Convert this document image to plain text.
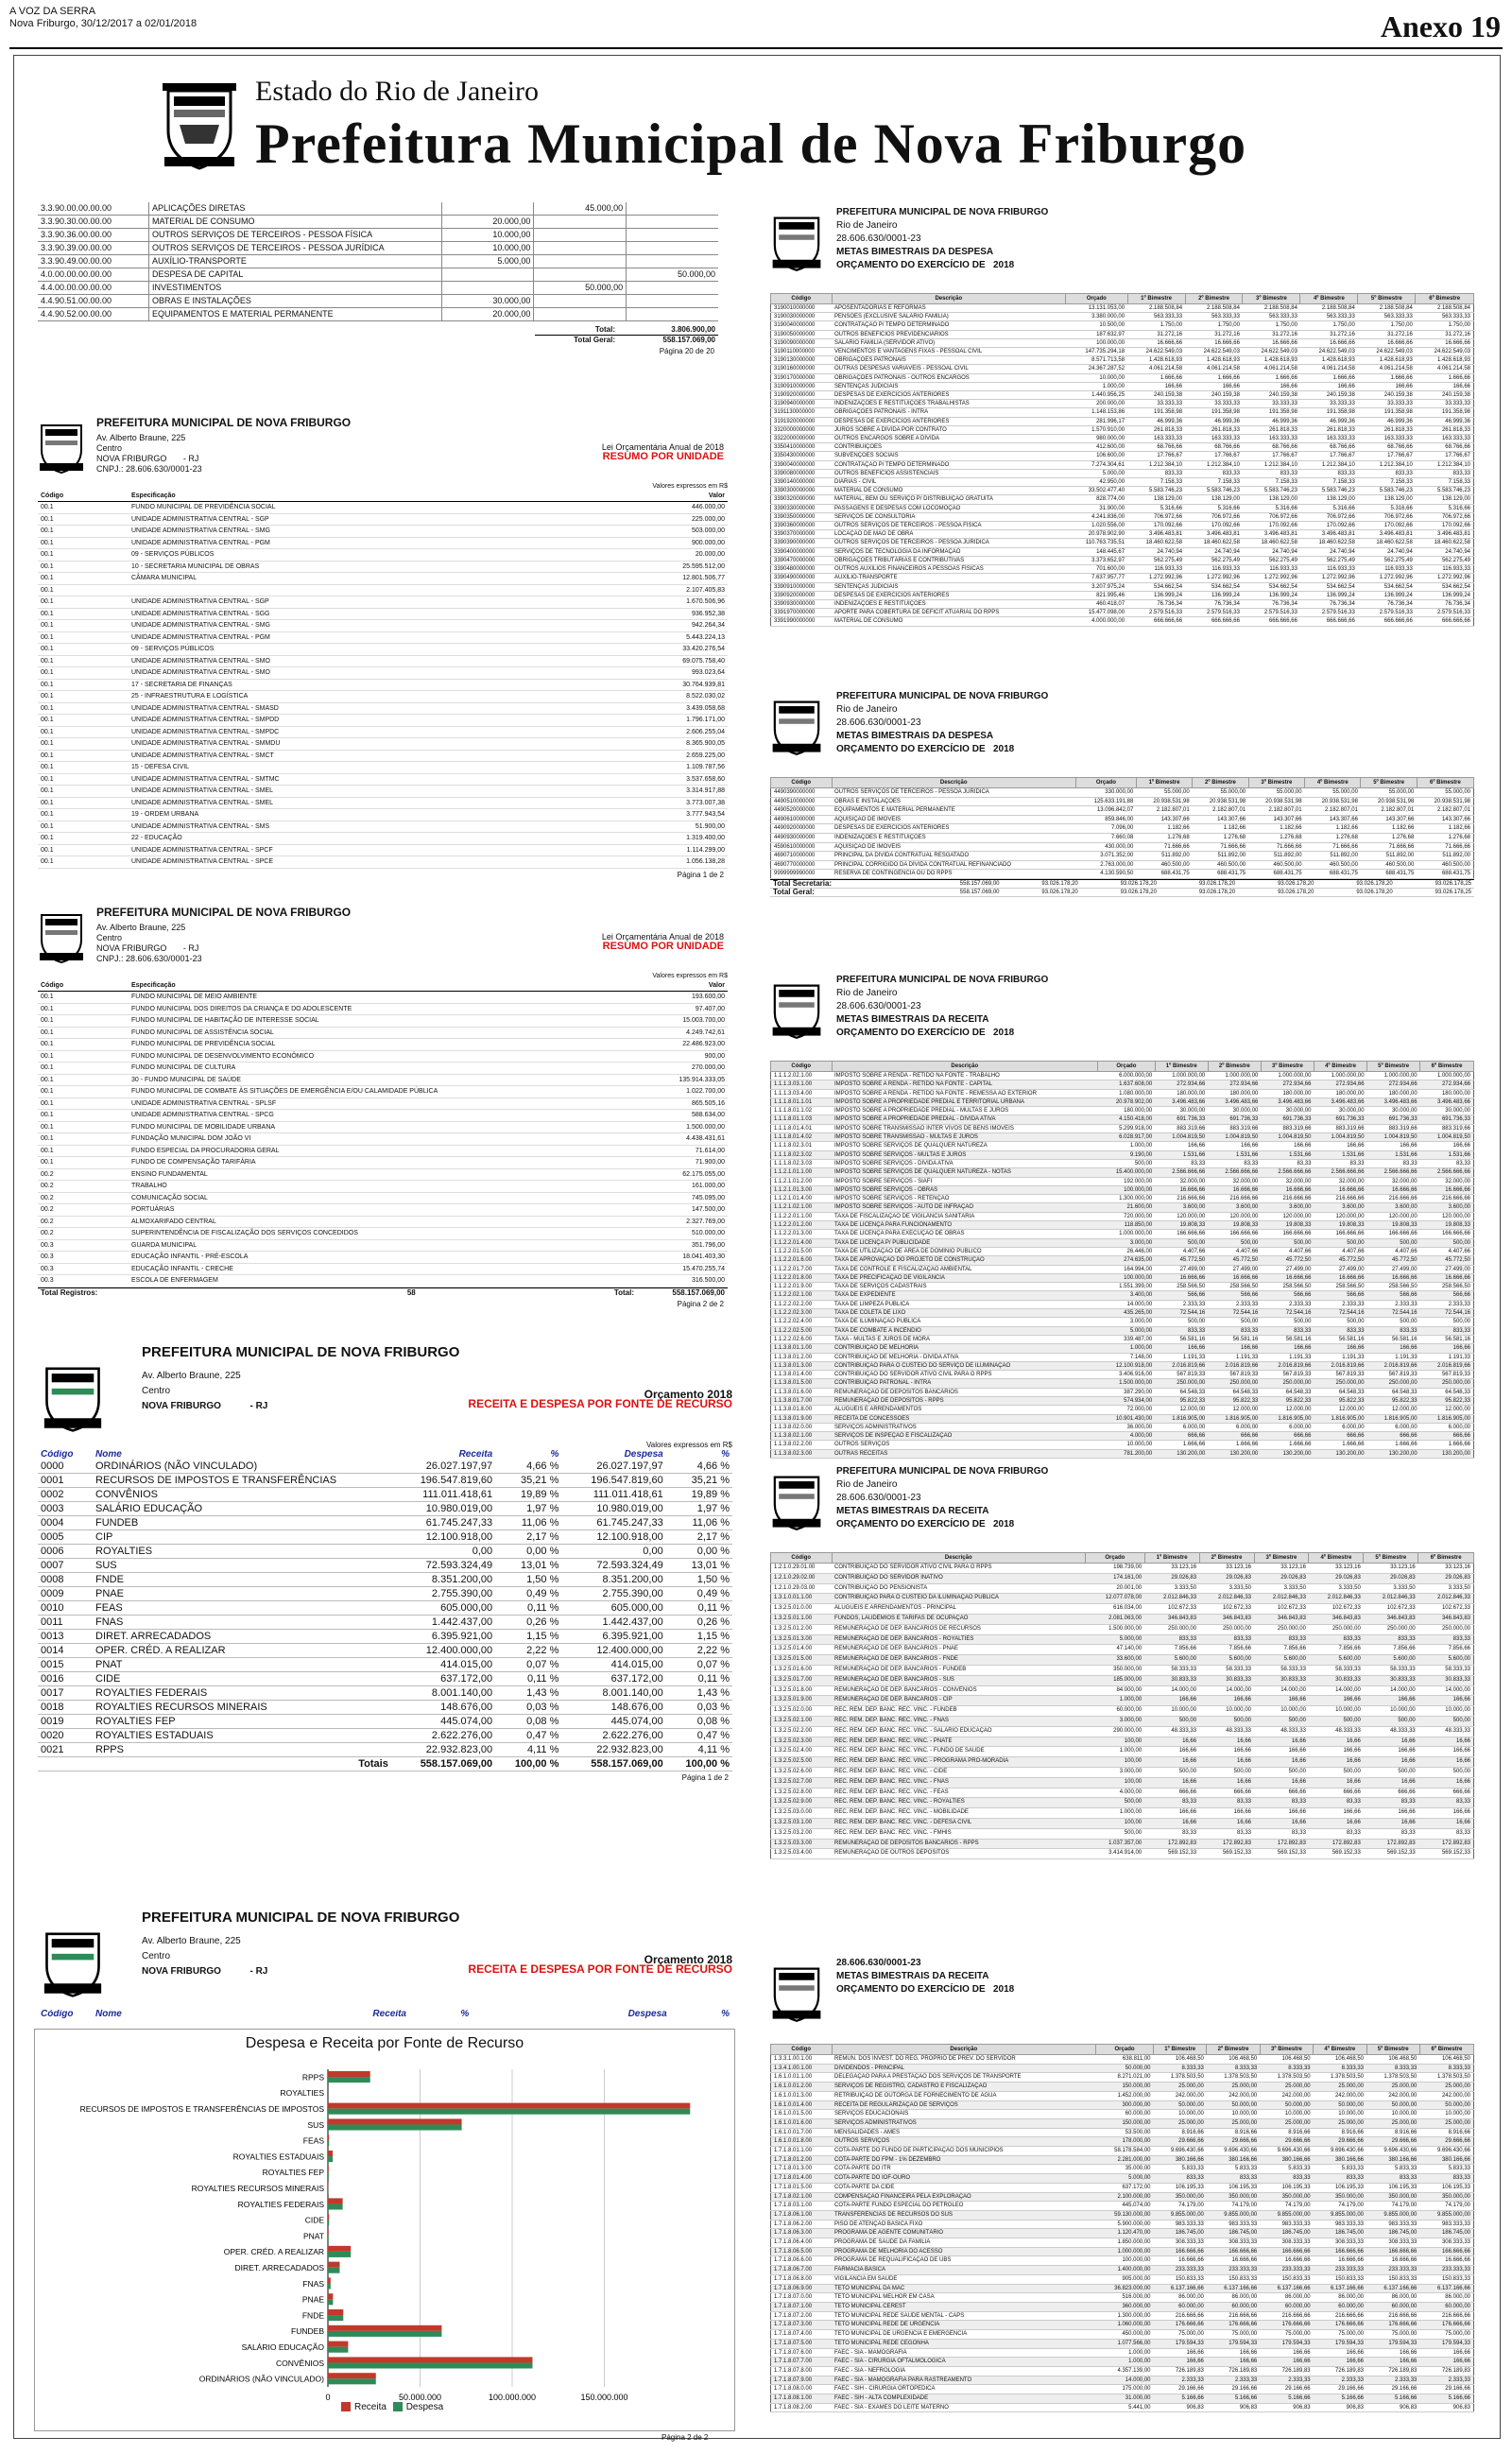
A VOZ DA SERRA
Nova Friburgo, 30/12/2017 a 02/01/2018	Anexo 19
Estado do Rio de Janeiro
Prefeitura Municipal de Nova Friburgo
3.3.90.00.00.00.00	APLICAÇÕES DIRETAS		45.000,00	
3.3.90.30.00.00.00	MATERIAL DE CONSUMO	20.000,00		
3.3.90.36.00.00.00	OUTROS SERVIÇOS DE TERCEIROS - PESSOA FÍSICA	10.000,00		
3.3.90.39.00.00.00	OUTROS SERVIÇOS DE TERCEIROS - PESSOA JURÍDICA	10.000,00		
3.3.90.49.00.00.00	AUXÍLIO-TRANSPORTE	5.000,00		
4.0.00.00.00.00.00	DESPESA DE CAPITAL			50.000,00
4.4.00.00.00.00.00	INVESTIMENTOS		50.000,00	
4.4.90.51.00.00.00	OBRAS E INSTALAÇÕES	30.000,00		
4.4.90.52.00.00.00	EQUIPAMENTOS E MATERIAL PERMANENTE	20.000,00		
	Total:	3.806.900,00
	Total Geral:	558.157.069,00
Página 20 de 20
PREFEITURA MUNICIPAL DE NOVA FRIBURGO
Av. Alberto Braune, 225
Centro
NOVA FRIBURGO       - RJ
CNPJ.: 28.606.630/0001-23
Lei Orçamentária Anual de 2018
RESUMO POR UNIDADE
Valores expressos em R$
Código	Especificação	Valor
00.1	FUNDO MUNICIPAL DE PREVIDÊNCIA SOCIAL	446.000,00
00.1	UNIDADE ADMINISTRATIVA CENTRAL - SGP	225.000,00
00.1	UNIDADE ADMINISTRATIVA CENTRAL - SMG	503.000,00
00.1	UNIDADE ADMINISTRATIVA CENTRAL - PGM	900.000,00
00.1	09 - SERVIÇOS PÚBLICOS	20.000,00
00.1	10 - SECRETARIA MUNICIPAL DE OBRAS	25.595.512,00
00.1	CÂMARA MUNICIPAL	12.801.506,77
00.1		2.107.405,83
00.1	UNIDADE ADMINISTRATIVA CENTRAL - SGP	1.670.506,96
00.1	UNIDADE ADMINISTRATIVA CENTRAL - SGG	936.952,38
00.1	UNIDADE ADMINISTRATIVA CENTRAL - SMG	942.264,34
00.1	UNIDADE ADMINISTRATIVA CENTRAL - PGM	5.443.224,13
00.1	09 - SERVIÇOS PÚBLICOS	33.420.276,54
00.1	UNIDADE ADMINISTRATIVA CENTRAL - SMO	69.075.758,40
00.1	UNIDADE ADMINISTRATIVA CENTRAL - SMO	993.023,64
00.1	17 - SECRETARIA DE FINANÇAS	30.764.939,81
00.1	25 - INFRAESTRUTURA E LOGÍSTICA	8.522.030,02
00.1	UNIDADE ADMINISTRATIVA CENTRAL - SMASD	3.439.058,68
00.1	UNIDADE ADMINISTRATIVA CENTRAL - SMPDD	1.796.171,00
00.1	UNIDADE ADMINISTRATIVA CENTRAL - SMPDC	2.606.255,04
00.1	UNIDADE ADMINISTRATIVA CENTRAL - SMMDU	8.365.900,05
00.1	UNIDADE ADMINISTRATIVA CENTRAL - SMCT	2.659.225,00
00.1	15 - DEFESA CIVIL	1.109.787,56
00.1	UNIDADE ADMINISTRATIVA CENTRAL - SMTMC	3.537.658,60
00.1	UNIDADE ADMINISTRATIVA CENTRAL - SMEL	3.314.917,88
00.1	UNIDADE ADMINISTRATIVA CENTRAL - SMEL	3.773.007,38
00.1	19 - ORDEM URBANA	3.777.943,54
00.1	UNIDADE ADMINISTRATIVA CENTRAL - SMS	51.900,00
00.1	22 - EDUCAÇÃO	1.319.400,00
00.1	UNIDADE ADMINISTRATIVA CENTRAL - SPCF	1.114.299,00
00.1	UNIDADE ADMINISTRATIVA CENTRAL - SPCE	1.056.138,28
Página 1 de 2
PREFEITURA MUNICIPAL DE NOVA FRIBURGO
Av. Alberto Braune, 225
Centro
NOVA FRIBURGO       - RJ
CNPJ.: 28.606.630/0001-23
Lei Orçamentária Anual de 2018
RESUMO POR UNIDADE
Valores expressos em R$
Código	Especificação	Valor
00.1	FUNDO MUNICIPAL DE MEIO AMBIENTE	193.600,00
00.1	FUNDO MUNICIPAL DOS DIREITOS DA CRIANÇA E DO ADOLESCENTE	97.407,00
00.1	FUNDO MUNICIPAL DE HABITAÇÃO DE INTERESSE SOCIAL	15.003.700,00
00.1	FUNDO MUNICIPAL DE ASSISTÊNCIA SOCIAL	4.249.742,61
00.1	FUNDO MUNICIPAL DE PREVIDÊNCIA SOCIAL	22.486.923,00
00.1	FUNDO MUNICIPAL DE DESENVOLVIMENTO ECONÔMICO	900,00
00.1	FUNDO MUNICIPAL DE CULTURA	270.000,00
00.1	30 - FUNDO MUNICIPAL DE SAÚDE	135.914.333,05
00.1	FUNDO MUNICIPAL DE COMBATE ÀS SITUAÇÕES DE EMERGÊNCIA E/OU CALAMIDADE PÚBLICA	1.022.700,00
00.1	UNIDADE ADMINISTRATIVA CENTRAL - SPLSF	865.505,16
00.1	UNIDADE ADMINISTRATIVA CENTRAL - SPCG	588.634,00
00.1	FUNDO MUNICIPAL DE MOBILIDADE URBANA	1.500.000,00
00.1	FUNDAÇÃO MUNICIPAL DOM JOÃO VI	4.438.431,61
00.1	FUNDO ESPECIAL DA PROCURADORIA GERAL	71.614,00
00.1	FUNDO DE COMPENSAÇÃO TARIFÁRIA	71.900,00
00.2	ENSINO FUNDAMENTAL	62.175.055,00
00.2	TRABALHO	161.000,00
00.2	COMUNICAÇÃO SOCIAL	745.095,00
00.2	PORTUÁRIAS	147.500,00
00.2	ALMOXARIFADO CENTRAL	2.327.769,00
00.2	SUPERINTENDÊNCIA DE FISCALIZAÇÃO DOS SERVIÇOS CONCEDIDOS	510.000,00
00.3	GUARDA MUNICIPAL	351.796,00
00.3	EDUCAÇÃO INFANTIL - PRÉ-ESCOLA	18.041.403,30
00.3	EDUCAÇÃO INFANTIL - CRECHE	15.470.255,74
00.3	ESCOLA DE ENFERMAGEM	316.500,00
Total Registros:	58	Total:	558.157.069,00
Página 2 de 2
PREFEITURA MUNICIPAL DE NOVA FRIBURGO
Av. Alberto Braune, 225
Centro
NOVA FRIBURGO           - RJ
Orçamento 2018
RECEITA E DESPESA POR FONTE DE RECURSO
Valores expressos em R$
Código	Nome	Receita	%	Despesa	%
0000	ORDINÁRIOS (NÃO VINCULADO)	26.027.197,97	4,66 %	26.027.197,97	4,66 %
0001	RECURSOS DE IMPOSTOS E TRANSFERÊNCIAS	196.547.819,60	35,21 %	196.547.819,60	35,21 %
0002	CONVÊNIOS	111.011.418,61	19,89 %	111.011.418,61	19,89 %
0003	SALÁRIO EDUCAÇÃO	10.980.019,00	1,97 %	10.980.019,00	1,97 %
0004	FUNDEB	61.745.247,33	11,06 %	61.745.247,33	11,06 %
0005	CIP	12.100.918,00	2,17 %	12.100.918,00	2,17 %
0006	ROYALTIES	0,00	0,00 %	0,00	0,00 %
0007	SUS	72.593.324,49	13,01 %	72.593.324,49	13,01 %
0008	FNDE	8.351.200,00	1,50 %	8.351.200,00	1,50 %
0009	PNAE	2.755.390,00	0,49 %	2.755.390,00	0,49 %
0010	FEAS	605.000,00	0,11 %	605.000,00	0,11 %
0011	FNAS	1.442.437,00	0,26 %	1.442.437,00	0,26 %
0013	DIRET. ARRECADADOS	6.395.921,00	1,15 %	6.395.921,00	1,15 %
0014	OPER. CRÉD. A REALIZAR	12.400.000,00	2,22 %	12.400.000,00	2,22 %
0015	PNAT	414.015,00	0,07 %	414.015,00	0,07 %
0016	CIDE	637.172,00	0,11 %	637.172,00	0,11 %
0017	ROYALTIES FEDERAIS	8.001.140,00	1,43 %	8.001.140,00	1,43 %
0018	ROYALTIES RECURSOS MINERAIS	148.676,00	0,03 %	148.676,00	0,03 %
0019	ROYALTIES FEP	445.074,00	0,08 %	445.074,00	0,08 %
0020	ROYALTIES ESTADUAIS	2.622.276,00	0,47 %	2.622.276,00	0,47 %
0021	RPPS	22.932.823,00	4,11 %	22.932.823,00	4,11 %
	Totais	558.157.069,00	100,00 %	558.157.069,00	100,00 %
Página 1 de 2
PREFEITURA MUNICIPAL DE NOVA FRIBURGO
Av. Alberto Braune, 225
Centro
NOVA FRIBURGO           - RJ
Orçamento 2018
RECEITA E DESPESA POR FONTE DE RECURSO
Código	Nome	Receita	%	Despesa	%
Despesa e Receita por Fonte de Recurso
0	50.000.000	100.000.000	150.000.000
RPPS
ROYALTIES
RECURSOS DE IMPOSTOS E TRANSFERÊNCIAS DE IMPOSTOS
SUS
FEAS
ROYALTIES ESTADUAIS
ROYALTIES FEP
ROYALTIES RECURSOS MINERAIS
ROYALTIES FEDERAIS
CIDE
PNAT
OPER. CRÉD. A REALIZAR
DIRET. ARRECADADOS
FNAS
PNAE
FNDE
FUNDEB
SALÁRIO EDUCAÇÃO
CONVÊNIOS
ORDINÁRIOS (NÃO VINCULADO)
Receita Despesa
Página 2 de 2
PREFEITURA MUNICIPAL DE NOVA FRIBURGO
Rio de Janeiro
28.606.630/0001-23
METAS BIMESTRAIS DA DESPESA
ORÇAMENTO DO EXERCÍCIO DE 2018
Código	Descrição	Orçado	1º Bimestre	2º Bimestre	3º Bimestre	4º Bimestre	5º Bimestre	6º Bimestre
3190010000000	APOSENTADORIAS E REFORMAS	13.131.053,00	2.188.508,84	2.188.508,84	2.188.508,84	2.188.508,84	2.188.508,84	2.188.508,84
3190030000000	PENSÕES (EXCLUSIVE SALÁRIO FAMÍLIA)	3.380.000,00	563.333,33	563.333,33	563.333,33	563.333,33	563.333,33	563.333,33
3190040000000	CONTRATAÇÃO P/ TEMPO DETERMINADO	10.500,00	1.750,00	1.750,00	1.750,00	1.750,00	1.750,00	1.750,00
3190050000000	OUTROS BENEFÍCIOS PREVIDENCIÁRIOS	187.632,97	31.272,16	31.272,16	31.272,16	31.272,16	31.272,16	31.272,16
3190090000000	SALÁRIO FAMÍLIA (SERVIDOR ATIVO)	100.000,00	16.666,66	16.666,66	16.666,66	16.666,66	16.666,66	16.666,66
3190110000000	VENCIMENTOS E VANTAGENS FIXAS - PESSOAL CIVIL	147.735.294,18	24.622.549,03	24.622.549,03	24.622.549,03	24.622.549,03	24.622.549,03	24.622.549,03
3190130000000	OBRIGAÇÕES PATRONAIS	8.571.713,58	1.428.618,93	1.428.618,93	1.428.618,93	1.428.618,93	1.428.618,93	1.428.618,93
3190160000000	OUTRAS DESPESAS VARIÁVEIS - PESSOAL CIVIL	24.367.287,52	4.061.214,58	4.061.214,58	4.061.214,58	4.061.214,58	4.061.214,58	4.061.214,58
3190170000000	OBRIGAÇÕES PATRONAIS - OUTROS ENCARGOS	10.000,00	1.666,66	1.666,66	1.666,66	1.666,66	1.666,66	1.666,66
3190910000000	SENTENÇAS JUDICIAIS	1.000,00	166,66	166,66	166,66	166,66	166,66	166,66
3190920000000	DESPESAS DE EXERCÍCIOS ANTERIORES	1.440.956,25	240.159,38	240.159,38	240.159,38	240.159,38	240.159,38	240.159,38
3190940000000	INDENIZAÇÕES E RESTITUIÇÕES TRABALHISTAS	200.000,00	33.333,33	33.333,33	33.333,33	33.333,33	33.333,33	33.333,33
3191130000000	OBRIGAÇÕES PATRONAIS - INTRA	1.148.153,86	191.358,98	191.358,98	191.358,98	191.358,98	191.358,98	191.358,98
3191920000000	DESPESAS DE EXERCÍCIOS ANTERIORES	281.996,17	46.999,36	46.999,36	46.999,36	46.999,36	46.999,36	46.999,36
3320000000000	JUROS SOBRE A DÍVIDA POR CONTRATO	1.570.910,00	261.818,33	261.818,33	261.818,33	261.818,33	261.818,33	261.818,33
3322000000000	OUTROS ENCARGOS SOBRE A DÍVIDA	980.000,00	163.333,33	163.333,33	163.333,33	163.333,33	163.333,33	163.333,33
3350410000000	CONTRIBUIÇÕES	412.600,00	68.766,66	68.766,66	68.766,66	68.766,66	68.766,66	68.766,66
3350430000000	SUBVENÇÕES SOCIAIS	106.600,00	17.766,67	17.766,67	17.766,67	17.766,67	17.766,67	17.766,67
3390040000000	CONTRATAÇÃO P/ TEMPO DETERMINADO	7.274.304,61	1.212.384,10	1.212.384,10	1.212.384,10	1.212.384,10	1.212.384,10	1.212.384,10
3390080000000	OUTROS BENEFÍCIOS ASSISTENCIAIS	5.000,00	833,33	833,33	833,33	833,33	833,33	833,33
3390140000000	DIÁRIAS - CIVIL	42.950,00	7.158,33	7.158,33	7.158,33	7.158,33	7.158,33	7.158,33
3390300000000	MATERIAL DE CONSUMO	33.502.477,40	5.583.746,23	5.583.746,23	5.583.746,23	5.583.746,23	5.583.746,23	5.583.746,23
3390320000000	MATERIAL, BEM OU SERVIÇO P/ DISTRIBUIÇÃO GRATUITA	828.774,00	138.129,00	138.129,00	138.129,00	138.129,00	138.129,00	138.129,00
3390330000000	PASSAGENS E DESPESAS COM LOCOMOÇÃO	31.900,00	5.316,66	5.316,66	5.316,66	5.316,66	5.316,66	5.316,66
3390350000000	SERVIÇOS DE CONSULTORIA	4.241.836,00	706.972,66	706.972,66	706.972,66	706.972,66	706.972,66	706.972,66
3390360000000	OUTROS SERVIÇOS DE TERCEIROS - PESSOA FÍSICA	1.020.556,00	170.092,66	170.092,66	170.092,66	170.092,66	170.092,66	170.092,66
3390370000000	LOCAÇÃO DE MÃO DE OBRA	20.978.902,90	3.496.483,81	3.496.483,81	3.496.483,81	3.496.483,81	3.496.483,81	3.496.483,81
3390390000000	OUTROS SERVIÇOS DE TERCEIROS - PESSOA JURÍDICA	110.763.735,51	18.460.622,58	18.460.622,58	18.460.622,58	18.460.622,58	18.460.622,58	18.460.622,58
3390400000000	SERVIÇOS DE TECNOLOGIA DA INFORMAÇÃO	148.445,67	24.740,94	24.740,94	24.740,94	24.740,94	24.740,94	24.740,94
3390470000000	OBRIGAÇÕES TRIBUTÁRIAS E CONTRIBUTIVAS	3.373.652,97	562.275,49	562.275,49	562.275,49	562.275,49	562.275,49	562.275,49
3390480000000	OUTROS AUXÍLIOS FINANCEIROS A PESSOAS FÍSICAS	701.600,00	116.933,33	116.933,33	116.933,33	116.933,33	116.933,33	116.933,33
3390490000000	AUXÍLIO-TRANSPORTE	7.637.957,77	1.272.992,96	1.272.992,96	1.272.992,96	1.272.992,96	1.272.992,96	1.272.992,96
3390910000000	SENTENÇAS JUDICIAIS	3.207.975,24	534.662,54	534.662,54	534.662,54	534.662,54	534.662,54	534.662,54
3390920000000	DESPESAS DE EXERCÍCIOS ANTERIORES	821.995,46	136.999,24	136.999,24	136.999,24	136.999,24	136.999,24	136.999,24
3390930000000	INDENIZAÇÕES E RESTITUIÇÕES	460.418,07	76.736,34	76.736,34	76.736,34	76.736,34	76.736,34	76.736,34
3391970000000	APORTE PARA COBERTURA DE DÉFICIT ATUARIAL DO RPPS	15.477.098,00	2.579.516,33	2.579.516,33	2.579.516,33	2.579.516,33	2.579.516,33	2.579.516,33
3391990000000	MATERIAL DE CONSUMO	4.000.000,00	666.666,66	666.666,66	666.666,66	666.666,66	666.666,66	666.666,66
PREFEITURA MUNICIPAL DE NOVA FRIBURGO
Rio de Janeiro
28.606.630/0001-23
METAS BIMESTRAIS DA DESPESA
ORÇAMENTO DO EXERCÍCIO DE 2018
Código	Descrição	Orçado	1º Bimestre	2º Bimestre	3º Bimestre	4º Bimestre	5º Bimestre	6º Bimestre
4490390000000	OUTROS SERVIÇOS DE TERCEIROS - PESSOA JURÍDICA	330.000,00	55.000,00	55.000,00	55.000,00	55.000,00	55.000,00	55.000,00
4490510000000	OBRAS E INSTALAÇÕES	125.633.191,88	20.938.531,98	20.938.531,98	20.938.531,98	20.938.531,98	20.938.531,98	20.938.531,98
4490520000000	EQUIPAMENTOS E MATERIAL PERMANENTE	13.096.842,07	2.182.807,01	2.182.807,01	2.182.807,01	2.182.807,01	2.182.807,01	2.182.807,01
4490610000000	AQUISIÇÃO DE IMÓVEIS	859.846,00	143.307,66	143.307,66	143.307,66	143.307,66	143.307,66	143.307,66
4490920000000	DESPESAS DE EXERCÍCIOS ANTERIORES	7.096,00	1.182,66	1.182,66	1.182,66	1.182,66	1.182,66	1.182,66
4490930000000	INDENIZAÇÕES E RESTITUIÇÕES	7.660,08	1.276,68	1.276,68	1.276,68	1.276,68	1.276,68	1.276,68
4590610000000	AQUISIÇÃO DE IMÓVEIS	430.000,00	71.666,66	71.666,66	71.666,66	71.666,66	71.666,66	71.666,66
4690710000000	PRINCIPAL DA DÍVIDA CONTRATUAL RESGATADO	3.071.352,00	511.892,00	511.892,00	511.892,00	511.892,00	511.892,00	511.892,00
4690770000000	PRINCIPAL CORRIGIDO DA DÍVIDA CONTRATUAL REFINANCIADO	2.763.000,00	460.500,00	460.500,00	460.500,00	460.500,00	460.500,00	460.500,00
9999999990000	RESERVA DE CONTINGÊNCIA OU DO RPPS	4.130.590,50	688.431,75	688.431,75	688.431,75	688.431,75	688.431,75	688.431,75
Total Secretaria:	558.157.069,00	93.026.178,20	93.026.178,20	93.026.178,20	93.026.178,20	93.026.178,20	93.026.178,25
Total Geral:	558.157.069,00	93.026.178,20	93.026.178,20	93.026.178,20	93.026.178,20	93.026.178,20	93.026.178,25
PREFEITURA MUNICIPAL DE NOVA FRIBURGO
Rio de Janeiro
28.606.630/0001-23
METAS BIMESTRAIS DA RECEITA
ORÇAMENTO DO EXERCÍCIO DE 2018
Código	Descrição	Orçado	1º Bimestre	2º Bimestre	3º Bimestre	4º Bimestre	5º Bimestre	6º Bimestre
1.1.1.2.02.1.00	IMPOSTO SOBRE A RENDA - RETIDO NA FONTE - TRABALHO	6.000.000,00	1.000.000,00	1.000.000,00	1.000.000,00	1.000.000,00	1.000.000,00	1.000.000,00
1.1.1.3.03.1.00	IMPOSTO SOBRE A RENDA - RETIDO NA FONTE - CAPITAL	1.637.608,00	272.934,66	272.934,66	272.934,66	272.934,66	272.934,66	272.934,66
1.1.1.3.03.4.00	IMPOSTO SOBRE A RENDA - RETIDO NA FONTE - REMESSA AO EXTERIOR	1.080.000,00	180.000,00	180.000,00	180.000,00	180.000,00	180.000,00	180.000,00
1.1.1.8.01.1.01	IMPOSTO SOBRE A PROPRIEDADE PREDIAL E TERRITORIAL URBANA	20.978.902,00	3.496.483,66	3.496.483,66	3.496.483,66	3.496.483,66	3.496.483,66	3.496.483,66
1.1.1.8.01.1.02	IMPOSTO SOBRE A PROPRIEDADE PREDIAL - MULTAS E JUROS	180.000,00	30.000,00	30.000,00	30.000,00	30.000,00	30.000,00	30.000,00
1.1.1.8.01.1.03	IMPOSTO SOBRE A PROPRIEDADE PREDIAL - DÍVIDA ATIVA	4.150.418,00	691.736,33	691.736,33	691.736,33	691.736,33	691.736,33	691.736,33
1.1.1.8.01.4.01	IMPOSTO SOBRE TRANSMISSÃO INTER VIVOS DE BENS IMÓVEIS	5.299.918,00	883.319,66	883.319,66	883.319,66	883.319,66	883.319,66	883.319,66
1.1.1.8.01.4.02	IMPOSTO SOBRE TRANSMISSÃO - MULTAS E JUROS	6.028.917,00	1.004.819,50	1.004.819,50	1.004.819,50	1.004.819,50	1.004.819,50	1.004.819,50
1.1.1.8.02.3.01	IMPOSTO SOBRE SERVIÇOS DE QUALQUER NATUREZA	1.000,00	166,66	166,66	166,66	166,66	166,66	166,66
1.1.1.8.02.3.02	IMPOSTO SOBRE SERVIÇOS - MULTAS E JUROS	9.190,00	1.531,66	1.531,66	1.531,66	1.531,66	1.531,66	1.531,66
1.1.1.8.02.3.03	IMPOSTO SOBRE SERVIÇOS - DÍVIDA ATIVA	500,00	83,33	83,33	83,33	83,33	83,33	83,33
1.1.2.1.01.1.00	IMPOSTO SOBRE SERVIÇOS DE QUALQUER NATUREZA - NOTAS	15.400.000,00	2.566.666,66	2.566.666,66	2.566.666,66	2.566.666,66	2.566.666,66	2.566.666,66
1.1.2.1.01.2.00	IMPOSTO SOBRE SERVIÇOS - SIAFI	192.000,00	32.000,00	32.000,00	32.000,00	32.000,00	32.000,00	32.000,00
1.1.2.1.01.3.00	IMPOSTO SOBRE SERVIÇOS - OBRAS	100.000,00	16.666,66	16.666,66	16.666,66	16.666,66	16.666,66	16.666,66
1.1.2.1.01.4.00	IMPOSTO SOBRE SERVIÇOS - RETENÇÃO	1.300.000,00	216.666,66	216.666,66	216.666,66	216.666,66	216.666,66	216.666,66
1.1.2.1.02.1.00	IMPOSTO SOBRE SERVIÇOS - AUTO DE INFRAÇÃO	21.600,00	3.600,00	3.600,00	3.600,00	3.600,00	3.600,00	3.600,00
1.1.2.2.01.1.00	TAXA DE FISCALIZAÇÃO DE VIGILÂNCIA SANITÁRIA	720.000,00	120.000,00	120.000,00	120.000,00	120.000,00	120.000,00	120.000,00
1.1.2.2.01.2.00	TAXA DE LICENÇA PARA FUNCIONAMENTO	118.850,00	19.808,33	19.808,33	19.808,33	19.808,33	19.808,33	19.808,33
1.1.2.2.01.3.00	TAXA DE LICENÇA PARA EXECUÇÃO DE OBRAS	1.000.000,00	166.666,66	166.666,66	166.666,66	166.666,66	166.666,66	166.666,66
1.1.2.2.01.4.00	TAXA DE LICENÇA P/ PUBLICIDADE	3.000,00	500,00	500,00	500,00	500,00	500,00	500,00
1.1.2.2.01.5.00	TAXA DE UTILIZAÇÃO DE ÁREA DE DOMÍNIO PÚBLICO	26.446,00	4.407,66	4.407,66	4.407,66	4.407,66	4.407,66	4.407,66
1.1.2.2.01.6.00	TAXA DE APROVAÇÃO DO PROJETO DE CONSTRUÇÃO	274.635,00	45.772,50	45.772,50	45.772,50	45.772,50	45.772,50	45.772,50
1.1.2.2.01.7.00	TAXA DE CONTROLE E FISCALIZAÇÃO AMBIENTAL	164.994,00	27.499,00	27.499,00	27.499,00	27.499,00	27.499,00	27.499,00
1.1.2.2.01.8.00	TAXA DE PRECIFICAÇÃO DE VIGILÂNCIA	100.000,00	16.666,66	16.666,66	16.666,66	16.666,66	16.666,66	16.666,66
1.1.2.2.01.9.00	TAXA DE SERVIÇOS CADASTRAIS	1.551.399,00	258.566,50	258.566,50	258.566,50	258.566,50	258.566,50	258.566,50
1.1.2.2.02.1.00	TAXA DE EXPEDIENTE	3.400,00	566,66	566,66	566,66	566,66	566,66	566,66
1.1.2.2.02.2.00	TAXA DE LIMPEZA PÚBLICA	14.000,00	2.333,33	2.333,33	2.333,33	2.333,33	2.333,33	2.333,33
1.1.2.2.02.3.00	TAXA DE COLETA DE LIXO	435.265,00	72.544,16	72.544,16	72.544,16	72.544,16	72.544,16	72.544,16
1.1.2.2.02.4.00	TAXA DE ILUMINAÇÃO PÚBLICA	3.000,00	500,00	500,00	500,00	500,00	500,00	500,00
1.1.2.2.02.5.00	TAXA DE COMBATE A INCÊNDIO	5.000,00	833,33	833,33	833,33	833,33	833,33	833,33
1.1.2.2.02.6.00	TAXA - MULTAS E JUROS DE MORA	339.487,00	56.581,16	56.581,16	56.581,16	56.581,16	56.581,16	56.581,16
1.1.3.8.01.1.00	CONTRIBUIÇÃO DE MELHORIA	1.000,00	166,66	166,66	166,66	166,66	166,66	166,66
1.1.3.8.01.2.00	CONTRIBUIÇÃO DE MELHORIA - DÍVIDA ATIVA	7.148,00	1.191,33	1.191,33	1.191,33	1.191,33	1.191,33	1.191,33
1.1.3.8.01.3.00	CONTRIBUIÇÃO PARA O CUSTEIO DO SERVIÇO DE ILUMINAÇÃO	12.100.918,00	2.016.819,66	2.016.819,66	2.016.819,66	2.016.819,66	2.016.819,66	2.016.819,66
1.1.3.8.01.4.00	CONTRIBUIÇÃO DO SERVIDOR ATIVO CIVIL PARA O RPPS	3.406.916,00	567.819,33	567.819,33	567.819,33	567.819,33	567.819,33	567.819,33
1.1.3.8.01.5.00	CONTRIBUIÇÃO PATRONAL - INTRA	1.500.000,00	250.000,00	250.000,00	250.000,00	250.000,00	250.000,00	250.000,00
1.1.3.8.01.6.00	REMUNERAÇÃO DE DEPÓSITOS BANCÁRIOS	387.290,00	64.548,33	64.548,33	64.548,33	64.548,33	64.548,33	64.548,33
1.1.3.8.01.7.00	REMUNERAÇÃO DE DEPÓSITOS - RPPS	574.934,00	95.822,33	95.822,33	95.822,33	95.822,33	95.822,33	95.822,33
1.1.3.8.01.8.00	ALUGUÉIS E ARRENDAMENTOS	72.000,00	12.000,00	12.000,00	12.000,00	12.000,00	12.000,00	12.000,00
1.1.3.8.01.9.00	RECEITA DE CONCESSÕES	10.901.430,00	1.816.905,00	1.816.905,00	1.816.905,00	1.816.905,00	1.816.905,00	1.816.905,00
1.1.3.8.02.0.00	SERVIÇOS ADMINISTRATIVOS	36.000,00	6.000,00	6.000,00	6.000,00	6.000,00	6.000,00	6.000,00
1.1.3.8.02.1.00	SERVIÇOS DE INSPEÇÃO E FISCALIZAÇÃO	4.000,00	666,66	666,66	666,66	666,66	666,66	666,66
1.1.3.8.02.2.00	OUTROS SERVIÇOS	10.000,00	1.666,66	1.666,66	1.666,66	1.666,66	1.666,66	1.666,66
1.1.3.8.02.3.00	OUTRAS RECEITAS	781.200,00	130.200,00	130.200,00	130.200,00	130.200,00	130.200,00	130.200,00
PREFEITURA MUNICIPAL DE NOVA FRIBURGO
Rio de Janeiro
28.606.630/0001-23
METAS BIMESTRAIS DA RECEITA
ORÇAMENTO DO EXERCÍCIO DE 2018
Código	Descrição	Orçado	1º Bimestre	2º Bimestre	3º Bimestre	4º Bimestre	5º Bimestre	6º Bimestre
1.2.1.0.29.01.00	CONTRIBUIÇÃO DO SERVIDOR ATIVO CIVIL PARA O RPPS	198.739,00	33.123,16	33.123,16	33.123,16	33.123,16	33.123,16	33.123,16
1.2.1.0.29.02.00	CONTRIBUIÇÃO DO SERVIDOR INATIVO	174.161,00	29.026,83	29.026,83	29.026,83	29.026,83	29.026,83	29.026,83
1.2.1.0.29.03.00	CONTRIBUIÇÃO DO PENSIONISTA	20.001,00	3.333,50	3.333,50	3.333,50	3.333,50	3.333,50	3.333,50
1.3.1.0.01.1.00	CONTRIBUIÇÃO PARA O CUSTEIO DA ILUMINAÇÃO PÚBLICA	12.077.078,00	2.012.846,33	2.012.846,33	2.012.846,33	2.012.846,33	2.012.846,33	2.012.846,33
1.3.2.5.01.0.00	ALUGUÉIS E ARRENDAMENTOS - PRINCIPAL	616.034,00	102.672,33	102.672,33	102.672,33	102.672,33	102.672,33	102.672,33
1.3.2.5.01.1.00	FUNDOS, LAUDÊMIOS E TARIFAS DE OCUPAÇÃO	2.081.063,00	346.843,83	346.843,83	346.843,83	346.843,83	346.843,83	346.843,83
1.3.2.5.01.2.00	REMUNERAÇÃO DE DEP. BANCÁRIOS DE RECURSOS	1.500.000,00	250.000,00	250.000,00	250.000,00	250.000,00	250.000,00	250.000,00
1.3.2.5.01.3.00	REMUNERAÇÃO DE DEP. BANCÁRIOS - ROYALTIES	5.000,00	833,33	833,33	833,33	833,33	833,33	833,33
1.3.2.5.01.4.00	REMUNERAÇÃO DE DEP. BANCÁRIOS - PNAE	47.140,00	7.856,66	7.856,66	7.856,66	7.856,66	7.856,66	7.856,66
1.3.2.5.01.5.00	REMUNERAÇÃO DE DEP. BANCÁRIOS - FNDE	33.600,00	5.600,00	5.600,00	5.600,00	5.600,00	5.600,00	5.600,00
1.3.2.5.01.6.00	REMUNERAÇÃO DE DEP. BANCÁRIOS - FUNDEB	350.000,00	58.333,33	58.333,33	58.333,33	58.333,33	58.333,33	58.333,33
1.3.2.5.01.7.00	REMUNERAÇÃO DE DEP. BANCÁRIOS - SUS	185.000,00	30.833,33	30.833,33	30.833,33	30.833,33	30.833,33	30.833,33
1.3.2.5.01.8.00	REMUNERAÇÃO DE DEP. BANCÁRIOS - CONVÊNIOS	84.000,00	14.000,00	14.000,00	14.000,00	14.000,00	14.000,00	14.000,00
1.3.2.5.01.9.00	REMUNERAÇÃO DE DEP. BANCÁRIOS - CIP	1.000,00	166,66	166,66	166,66	166,66	166,66	166,66
1.3.2.5.02.0.00	REC. REM. DEP. BANC. REC. VINC. - FUNDEB	60.000,00	10.000,00	10.000,00	10.000,00	10.000,00	10.000,00	10.000,00
1.3.2.5.02.1.00	REC. REM. DEP. BANC. REC. VINC. - FNAS	3.000,00	500,00	500,00	500,00	500,00	500,00	500,00
1.3.2.5.02.2.00	REC. REM. DEP. BANC. REC. VINC. - SALÁRIO EDUCAÇÃO	290.000,00	48.333,33	48.333,33	48.333,33	48.333,33	48.333,33	48.333,33
1.3.2.5.02.3.00	REC. REM. DEP. BANC. REC. VINC. - PNATE	100,00	16,66	16,66	16,66	16,66	16,66	16,66
1.3.2.5.02.4.00	REC. REM. DEP. BANC. REC. VINC. - FUNDO DE SAÚDE	1.000,00	166,66	166,66	166,66	166,66	166,66	166,66
1.3.2.5.02.5.00	REC. REM. DEP. BANC. REC. VINC. - PROGRAMA PRÓ-MORADIA	100,00	16,66	16,66	16,66	16,66	16,66	16,66
1.3.2.5.02.6.00	REC. REM. DEP. BANC. REC. VINC. - CIDE	3.000,00	500,00	500,00	500,00	500,00	500,00	500,00
1.3.2.5.02.7.00	REC. REM. DEP. BANC. REC. VINC. - FNAS	100,00	16,66	16,66	16,66	16,66	16,66	16,66
1.3.2.5.02.8.00	REC. REM. DEP. BANC. REC. VINC. - FEAS	4.000,00	666,66	666,66	666,66	666,66	666,66	666,66
1.3.2.5.02.9.00	REC. REM. DEP. BANC. REC. VINC. - ROYALTIES	500,00	83,33	83,33	83,33	83,33	83,33	83,33
1.3.2.5.03.0.00	REC. REM. DEP. BANC. REC. VINC. - MOBILIDADE	1.000,00	166,66	166,66	166,66	166,66	166,66	166,66
1.3.2.5.03.1.00	REC. REM. DEP. BANC. REC. VINC. - DEFESA CIVIL	100,00	16,66	16,66	16,66	16,66	16,66	16,66
1.3.2.5.03.2.00	REC. REM. DEP. BANC. REC. VINC. - FMHIS	500,00	83,33	83,33	83,33	83,33	83,33	83,33
1.3.2.5.03.3.00	REMUNERAÇÃO DE DEPÓSITOS BANCÁRIOS - RPPS	1.037.357,00	172.892,83	172.892,83	172.892,83	172.892,83	172.892,83	172.892,83
1.3.2.5.03.4.00	REMUNERAÇÃO DE OUTROS DEPÓSITOS	3.414.914,00	569.152,33	569.152,33	569.152,33	569.152,33	569.152,33	569.152,33
28.606.630/0001-23
METAS BIMESTRAIS DA RECEITA
ORÇAMENTO DO EXERCÍCIO DE 2018
Código	Descrição	Orçado	1º Bimestre	2º Bimestre	3º Bimestre	4º Bimestre	5º Bimestre	6º Bimestre
1.3.3.1.00.1.00	REMUN. DOS INVEST. DO REG. PRÓPRIO DE PREV. DO SERVIDOR	638.811,00	106.468,50	106.468,50	106.468,50	106.468,50	106.468,50	106.468,50
1.3.4.1.00.1.00	DIVIDENDOS - PRINCIPAL	50.000,00	8.333,33	8.333,33	8.333,33	8.333,33	8.333,33	8.333,33
1.6.1.0.01.1.00	DELEGAÇÃO PARA A PRESTAÇÃO DOS SERVIÇOS DE TRANSPORTE	8.271.021,00	1.378.503,50	1.378.503,50	1.378.503,50	1.378.503,50	1.378.503,50	1.378.503,50
1.6.1.0.01.2.00	SERVIÇOS DE REGISTRO, CADASTRO E FISCALIZAÇÃO	150.000,00	25.000,00	25.000,00	25.000,00	25.000,00	25.000,00	25.000,00
1.6.1.0.01.3.00	RETRIBUIÇÃO DE OUTORGA DE FORNECIMENTO DE ÁGUA	1.452.000,00	242.000,00	242.000,00	242.000,00	242.000,00	242.000,00	242.000,00
1.6.1.0.01.4.00	RECEITA DE REGULARIZAÇÃO DE SERVIÇOS	300.000,00	50.000,00	50.000,00	50.000,00	50.000,00	50.000,00	50.000,00
1.6.1.0.01.5.00	SERVIÇOS EDUCACIONAIS	60.000,00	10.000,00	10.000,00	10.000,00	10.000,00	10.000,00	10.000,00
1.6.1.0.01.6.00	SERVIÇOS ADMINISTRATIVOS	150.000,00	25.000,00	25.000,00	25.000,00	25.000,00	25.000,00	25.000,00
1.6.1.0.01.7.00	MENSALIDADES - AMES	53.500,00	8.916,66	8.916,66	8.916,66	8.916,66	8.916,66	8.916,66
1.6.1.0.01.8.00	OUTROS SERVIÇOS	178.000,00	29.666,66	29.666,66	29.666,66	29.666,66	29.666,66	29.666,66
1.7.1.8.01.1.00	COTA-PARTE DO FUNDO DE PARTICIPAÇÃO DOS MUNICÍPIOS	58.178.584,00	9.696.430,66	9.696.430,66	9.696.430,66	9.696.430,66	9.696.430,66	9.696.430,66
1.7.1.8.01.2.00	COTA-PARTE DO FPM - 1% DEZEMBRO	2.281.000,00	380.166,66	380.166,66	380.166,66	380.166,66	380.166,66	380.166,66
1.7.1.8.01.3.00	COTA-PARTE DO ITR	35.000,00	5.833,33	5.833,33	5.833,33	5.833,33	5.833,33	5.833,33
1.7.1.8.01.4.00	COTA-PARTE DO IOF-OURO	5.000,00	833,33	833,33	833,33	833,33	833,33	833,33
1.7.1.8.01.5.00	COTA-PARTE DA CIDE	637.172,00	106.195,33	106.195,33	106.195,33	106.195,33	106.195,33	106.195,33
1.7.1.8.02.1.00	COMPENSAÇÃO FINANCEIRA PELA EXPLORAÇÃO	2.100.000,00	350.000,00	350.000,00	350.000,00	350.000,00	350.000,00	350.000,00
1.7.1.8.03.1.00	COTA-PARTE FUNDO ESPECIAL DO PETRÓLEO	445.074,00	74.179,00	74.179,00	74.179,00	74.179,00	74.179,00	74.179,00
1.7.1.8.06.1.00	TRANSFERÊNCIAS DE RECURSOS DO SUS	59.130.000,00	9.855.000,00	9.855.000,00	9.855.000,00	9.855.000,00	9.855.000,00	9.855.000,00
1.7.1.8.06.2.00	PISO DE ATENÇÃO BÁSICA FIXO	5.900.000,00	983.333,33	983.333,33	983.333,33	983.333,33	983.333,33	983.333,33
1.7.1.8.06.3.00	PROGRAMA DE AGENTE COMUNITÁRIO	1.120.470,00	186.745,00	186.745,00	186.745,00	186.745,00	186.745,00	186.745,00
1.7.1.8.06.4.00	PROGRAMA DE SAÚDE DA FAMÍLIA	1.850.000,00	308.333,33	308.333,33	308.333,33	308.333,33	308.333,33	308.333,33
1.7.1.8.06.5.00	PROGRAMA DE MELHORIA DO ACESSO	1.000.000,00	166.666,66	166.666,66	166.666,66	166.666,66	166.666,66	166.666,66
1.7.1.8.06.6.00	PROGRAMA DE REQUALIFICAÇÃO DE UBS	100.000,00	16.666,66	16.666,66	16.666,66	16.666,66	16.666,66	16.666,66
1.7.1.8.06.7.00	FARMÁCIA BÁSICA	1.400.000,00	233.333,33	233.333,33	233.333,33	233.333,33	233.333,33	233.333,33
1.7.1.8.06.8.00	VIGILÂNCIA EM SAÚDE	905.000,00	150.833,33	150.833,33	150.833,33	150.833,33	150.833,33	150.833,33
1.7.1.8.06.9.00	TETO MUNICIPAL DA MAC	36.823.000,00	6.137.166,66	6.137.166,66	6.137.166,66	6.137.166,66	6.137.166,66	6.137.166,66
1.7.1.8.07.0.00	TETO MUNICIPAL MELHOR EM CASA	516.000,00	86.000,00	86.000,00	86.000,00	86.000,00	86.000,00	86.000,00
1.7.1.8.07.1.00	TETO MUNICIPAL CEREST	360.000,00	60.000,00	60.000,00	60.000,00	60.000,00	60.000,00	60.000,00
1.7.1.8.07.2.00	TETO MUNICIPAL REDE SAÚDE MENTAL - CAPS	1.300.000,00	216.666,66	216.666,66	216.666,66	216.666,66	216.666,66	216.666,66
1.7.1.8.07.3.00	TETO MUNICIPAL REDE DE URGÊNCIA	1.060.000,00	176.666,66	176.666,66	176.666,66	176.666,66	176.666,66	176.666,66
1.7.1.8.07.4.00	TETO MUNICIPAL DE URGÊNCIA E EMERGÊNCIA	450.000,00	75.000,00	75.000,00	75.000,00	75.000,00	75.000,00	75.000,00
1.7.1.8.07.5.00	TETO MUNICIPAL REDE CEGONHA	1.077.566,00	179.594,33	179.594,33	179.594,33	179.594,33	179.594,33	179.594,33
1.7.1.8.07.6.00	FAEC - SIA - MAMOGRAFIA	1.000,00	166,66	166,66	166,66	166,66	166,66	166,66
1.7.1.8.07.7.00	FAEC - SIA - CIRURGIA OFTALMOLÓGICA	1.000,00	166,66	166,66	166,66	166,66	166,66	166,66
1.7.1.8.07.8.00	FAEC - SIA - NEFROLOGIA	4.357.139,00	726.189,83	726.189,83	726.189,83	726.189,83	726.189,83	726.189,83
1.7.1.8.07.9.00	FAEC - SIA - MAMOGRAFIA PARA RASTREAMENTO	14.000,00	2.333,33	2.333,33	2.333,33	2.333,33	2.333,33	2.333,33
1.7.1.8.08.0.00	FAEC - SIH - CIRURGIA ORTOPÉDICA	175.000,00	29.166,66	29.166,66	29.166,66	29.166,66	29.166,66	29.166,66
1.7.1.8.08.1.00	FAEC - SIH - ALTA COMPLEXIDADE	31.000,00	5.166,66	5.166,66	5.166,66	5.166,66	5.166,66	5.166,66
1.7.1.8.08.2.00	FAEC - SIA - EXAMES DO LEITE MATERNO	5.441,00	906,83	906,83	906,83	906,83	906,83	906,83
